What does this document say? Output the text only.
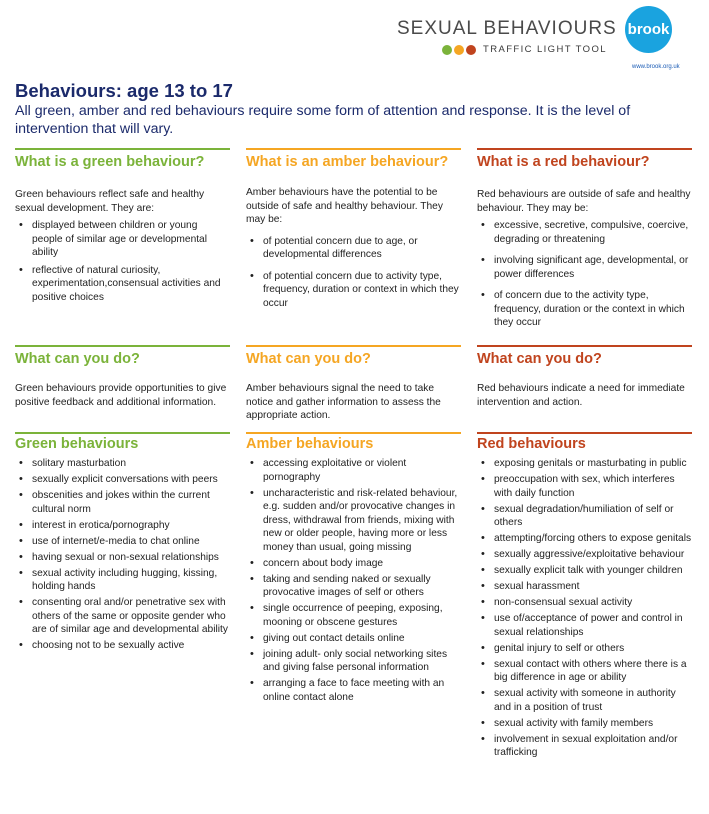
SEXUAL BEHAVIOURS
TRAFFIC LIGHT TOOL
brook
www.brook.org.uk
Behaviours: age 13 to 17

All green, amber and red behaviours require some form of attention and response. It is the level of intervention that will vary.

What is a green behaviour?

Green behaviours reflect safe and healthy sexual development. They are:

• displayed between children or young people of similar age or developmental ability
• reflective of natural curiosity, experimentation,consensual activities and positive choices
What can you do?

Green behaviours provide opportunities to give positive feedback and additional information.

Green behaviours
• solitary masturbation
• sexually explicit conversations with peers
• obscenities and jokes within the current cultural norm
• interest in erotica/pornography
• use of internet/e-media to chat online
• having sexual or non-sexual relationships
• sexual activity including hugging, kissing, holding hands
• consenting oral and/or penetrative sex with others of the same or opposite gender who are of similar age and developmental ability
• choosing not to be sexually active
What is an amber behaviour?

Amber behaviours have the potential to be outside of safe and healthy behaviour. They may be:

• of potential concern due to age, or developmental differences
• of potential concern due to activity type, frequency, duration or context in which they occur
What can you do?

Amber behaviours signal the need to take notice and gather information to assess the appropriate action.

Amber behaviours
• accessing exploitative or violent pornography
• uncharacteristic and risk-related behaviour, e.g. sudden and/or provocative changes in dress, withdrawal from friends, mixing with new or older people, having more or less money than usual, going missing
• concern about body image
• taking and sending naked or sexually provocative images of self or others
• single occurrence of peeping, exposing, mooning or obscene gestures
• giving out contact details online
• joining adult- only social networking sites and giving false personal information
• arranging a face to face meeting with an online contact alone
What is a red behaviour?

Red behaviours are outside of safe and healthy behaviour. They may be:

• excessive, secretive, compulsive, coercive, degrading or threatening
• involving significant age, developmental, or power differences
• of concern due to the activity type, frequency, duration or the context in which they occur
What can you do?

Red behaviours indicate a need for immediate intervention and action.

Red behaviours
• exposing genitals or masturbating in public
• preoccupation with sex, which interferes with daily function
• sexual degradation/humiliation of self or others
• attempting/forcing others to expose genitals
• sexually aggressive/exploitative behaviour
• sexually explicit talk with younger children
• sexual harassment
• non-consensual sexual activity
• use of/acceptance of power and control in sexual relationships
• genital injury to self or others
• sexual contact with others where there is a big difference in age or ability
• sexual activity with someone in authority and in a position of trust
• sexual activity with family members
• involvement in sexual exploitation and/or trafficking
